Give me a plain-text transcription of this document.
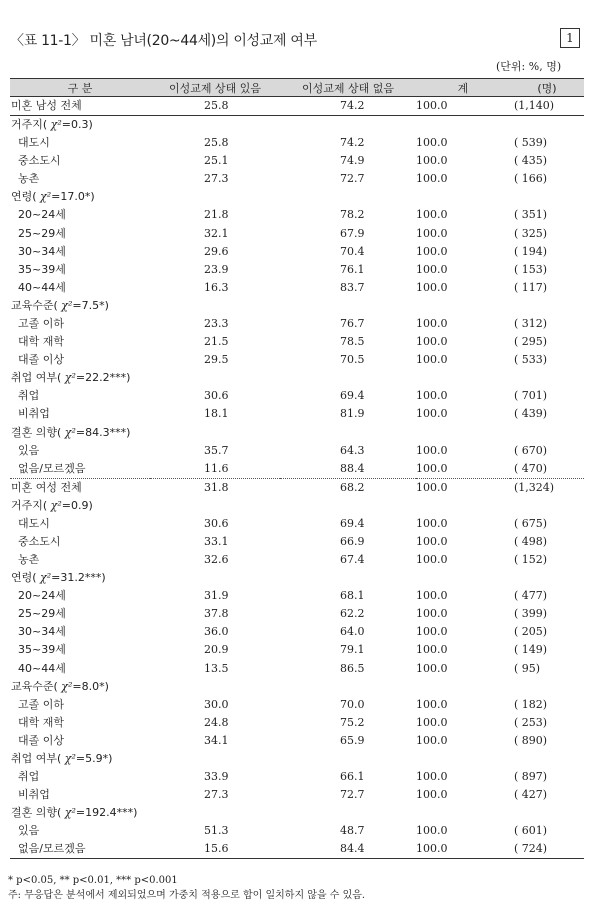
〈표 11-1〉 미혼 남녀(20~44세)의 이성교제 여부	1
(단위: %, 명)
구 분	이성교제 상태 있음	이성교제 상태 없음	계	(명)
미혼 남성 전체	25.8	74.2	100.0	(1,140)
거주지( χ²=0.3)				
대도시	25.8	74.2	100.0	( 539)
중소도시	25.1	74.9	100.0	( 435)
농촌	27.3	72.7	100.0	( 166)
연령( χ²=17.0*)				
20~24세	21.8	78.2	100.0	( 351)
25~29세	32.1	67.9	100.0	( 325)
30~34세	29.6	70.4	100.0	( 194)
35~39세	23.9	76.1	100.0	( 153)
40~44세	16.3	83.7	100.0	( 117)
교육수준( χ²=7.5*)				
고졸 이하	23.3	76.7	100.0	( 312)
대학 재학	21.5	78.5	100.0	( 295)
대졸 이상	29.5	70.5	100.0	( 533)
취업 여부( χ²=22.2***)				
취업	30.6	69.4	100.0	( 701)
비취업	18.1	81.9	100.0	( 439)
결혼 의향( χ²=84.3***)				
있음	35.7	64.3	100.0	( 670)
없음/모르겠음	11.6	88.4	100.0	( 470)
미혼 여성 전체	31.8	68.2	100.0	(1,324)
거주지( χ²=0.9)				
대도시	30.6	69.4	100.0	( 675)
중소도시	33.1	66.9	100.0	( 498)
농촌	32.6	67.4	100.0	( 152)
연령( χ²=31.2***)				
20~24세	31.9	68.1	100.0	( 477)
25~29세	37.8	62.2	100.0	( 399)
30~34세	36.0	64.0	100.0	( 205)
35~39세	20.9	79.1	100.0	( 149)
40~44세	13.5	86.5	100.0	( 95)
교육수준( χ²=8.0*)				
고졸 이하	30.0	70.0	100.0	( 182)
대학 재학	24.8	75.2	100.0	( 253)
대졸 이상	34.1	65.9	100.0	( 890)
취업 여부( χ²=5.9*)				
취업	33.9	66.1	100.0	( 897)
비취업	27.3	72.7	100.0	( 427)
결혼 의향( χ²=192.4***)				
있음	51.3	48.7	100.0	( 601)
없음/모르겠음	15.6	84.4	100.0	( 724)
* p<0.05, ** p<0.01, *** p<0.001
주: 무응답은 분석에서 제외되었으며 가중치 적용으로 합이 일치하지 않을 수 있음.
